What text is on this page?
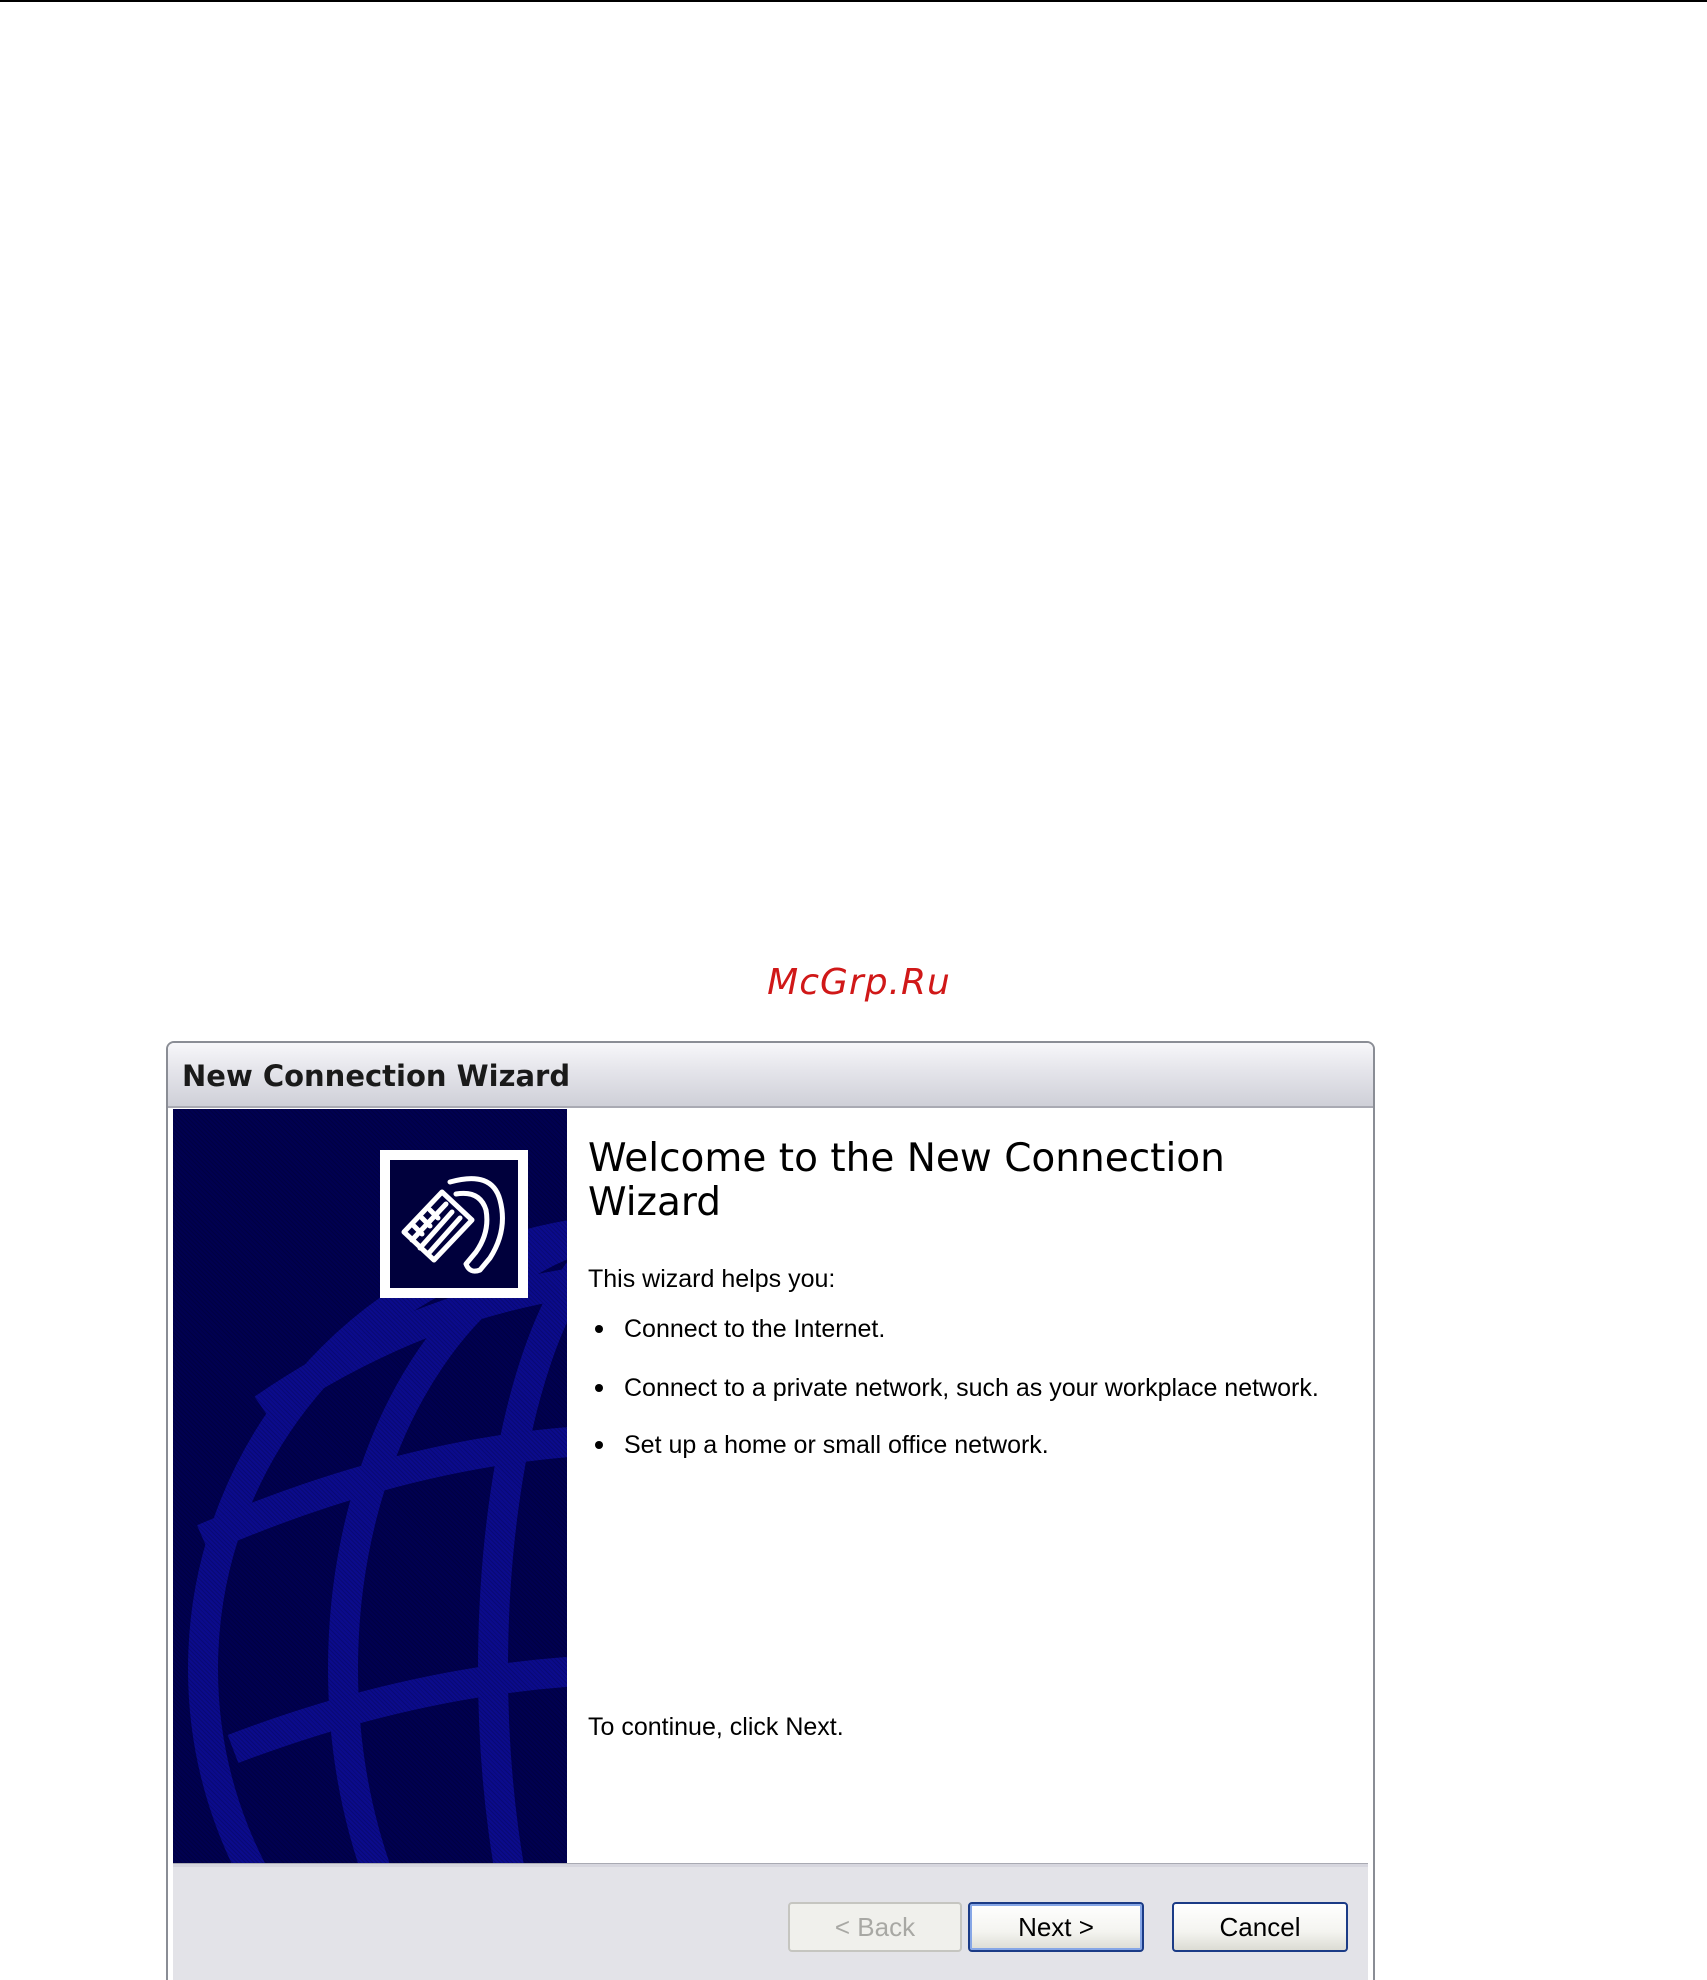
McGrp.Ru
New Connection Wizard
Welcome to the New Connection Wizard
This wizard helps you:
Connect to the Internet.
Connect to a private network, such as your workplace network.
Set up a home or small office network.
To continue, click Next.
< Back	Next >	Cancel
